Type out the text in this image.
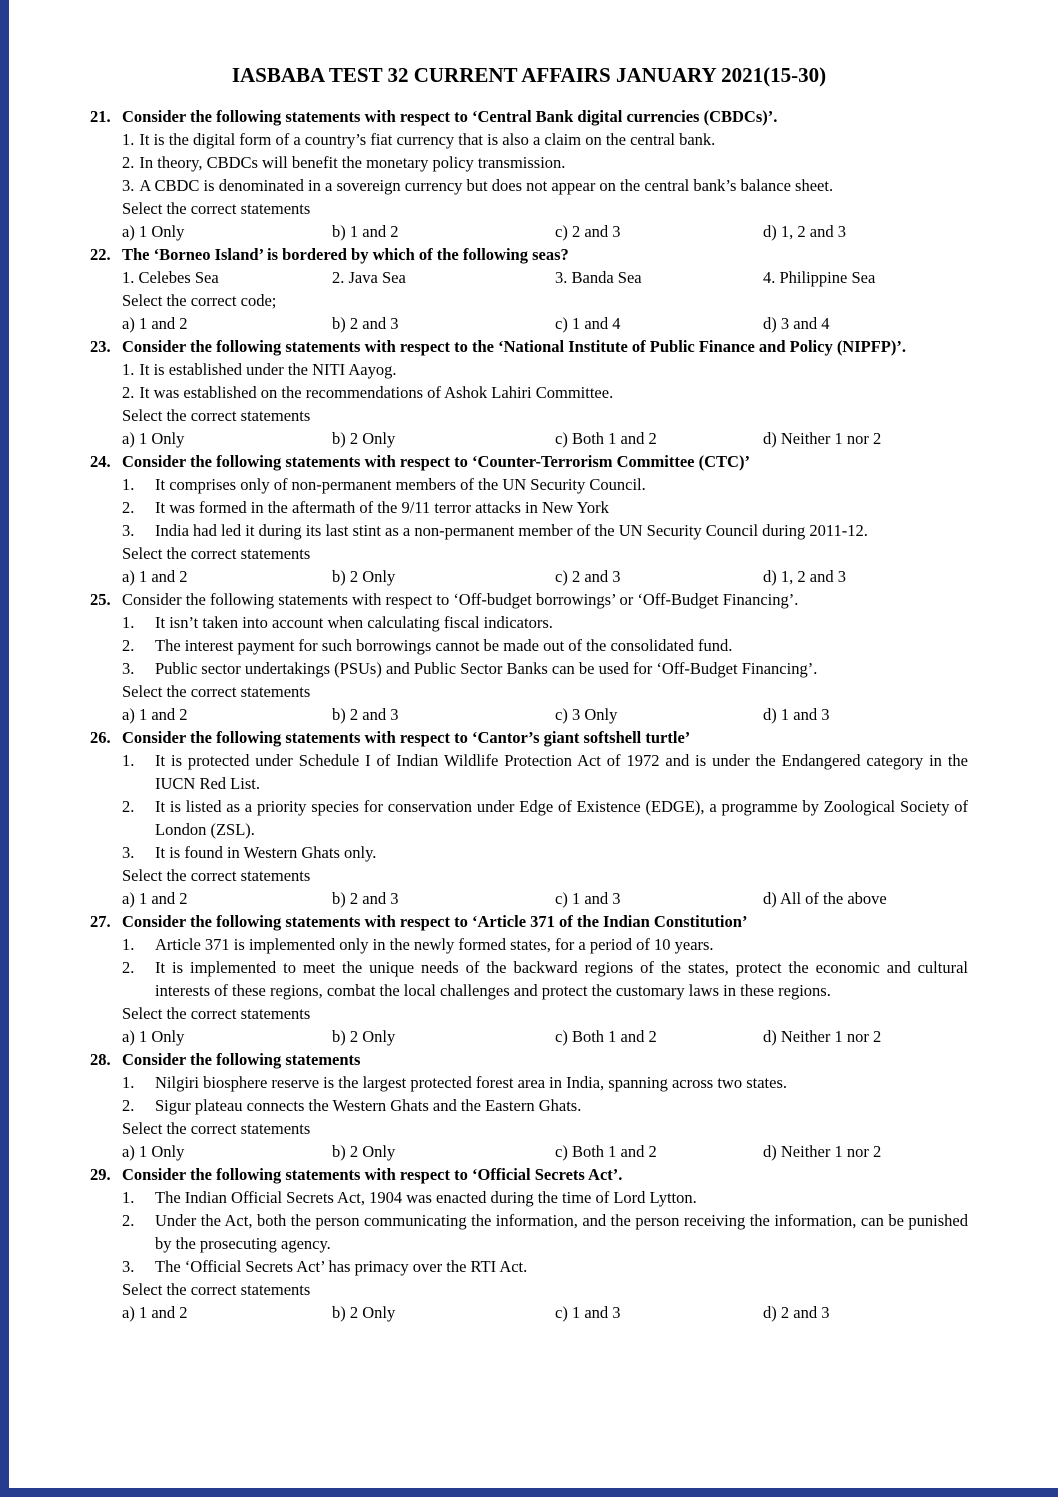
IASBABA TEST 32 CURRENT AFFAIRS JANUARY 2021(15-30)
21. Consider the following statements with respect to ‘Central Bank digital currencies (CBDCs)’.
1. It is the digital form of a country’s fiat currency that is also a claim on the central bank.
2. In theory, CBDCs will benefit the monetary policy transmission.
3. A CBDC is denominated in a sovereign currency but does not appear on the central bank’s balance sheet.
Select the correct statements
a) 1 Only	b) 1 and 2	c) 2 and 3	d) 1, 2 and 3
22. The ‘Borneo Island’ is bordered by which of the following seas?
1. Celebes Sea	2. Java Sea	3. Banda Sea	4. Philippine Sea
Select the correct code;
a) 1 and 2	b) 2 and 3	c) 1 and 4	d) 3 and 4
23. Consider the following statements with respect to the ‘National Institute of Public Finance and Policy (NIPFP)’.
1. It is established under the NITI Aayog.
2. It was established on the recommendations of Ashok Lahiri Committee.
Select the correct statements
a) 1 Only	b) 2 Only	c) Both 1 and 2	d) Neither 1 nor 2
24. Consider the following statements with respect to ‘Counter-Terrorism Committee (CTC)’
1.	It comprises only of non-permanent members of the UN Security Council.
2.	It was formed in the aftermath of the 9/11 terror attacks in New York
3.	India had led it during its last stint as a non-permanent member of the UN Security Council during 2011-12.
Select the correct statements
a) 1 and 2	b) 2 Only	c) 2 and 3	d) 1, 2 and 3
25. Consider the following statements with respect to ‘Off-budget borrowings’ or ‘Off-Budget Financing’.
1.	It isn’t taken into account when calculating fiscal indicators.
2.	The interest payment for such borrowings cannot be made out of the consolidated fund.
3.	Public sector undertakings (PSUs) and Public Sector Banks can be used for ‘Off-Budget Financing’.
Select the correct statements
a) 1 and 2	b) 2 and 3	c) 3 Only	d) 1 and 3
26. Consider the following statements with respect to ‘Cantor’s giant softshell turtle’
1.	It is protected under Schedule I of Indian Wildlife Protection Act of 1972 and is under the Endangered category in the IUCN Red List.
2.	It is listed as a priority species for conservation under Edge of Existence (EDGE), a programme by Zoological Society of London (ZSL).
3.	It is found in Western Ghats only.
Select the correct statements
a) 1 and 2	b) 2 and 3	c) 1 and 3	d) All of the above
27. Consider the following statements with respect to ‘Article 371 of the Indian Constitution’
1.	Article 371 is implemented only in the newly formed states, for a period of 10 years.
2.	It is implemented to meet the unique needs of the backward regions of the states, protect the economic and cultural interests of these regions, combat the local challenges and protect the customary laws in these regions.
Select the correct statements
a) 1 Only	b) 2 Only	c) Both 1 and 2	d) Neither 1 nor 2
28. Consider the following statements
1.	Nilgiri biosphere reserve is the largest protected forest area in India, spanning across two states.
2.	Sigur plateau connects the Western Ghats and the Eastern Ghats.
Select the correct statements
a) 1 Only	b) 2 Only	c) Both 1 and 2	d) Neither 1 nor 2
29. Consider the following statements with respect to ‘Official Secrets Act’.
1.	The Indian Official Secrets Act, 1904 was enacted during the time of Lord Lytton.
2.	Under the Act, both the person communicating the information, and the person receiving the information, can be punished by the prosecuting agency.
3.	The ‘Official Secrets Act’ has primacy over the RTI Act.
Select the correct statements
a) 1 and 2	b) 2 Only	c) 1 and 3	d) 2 and 3
